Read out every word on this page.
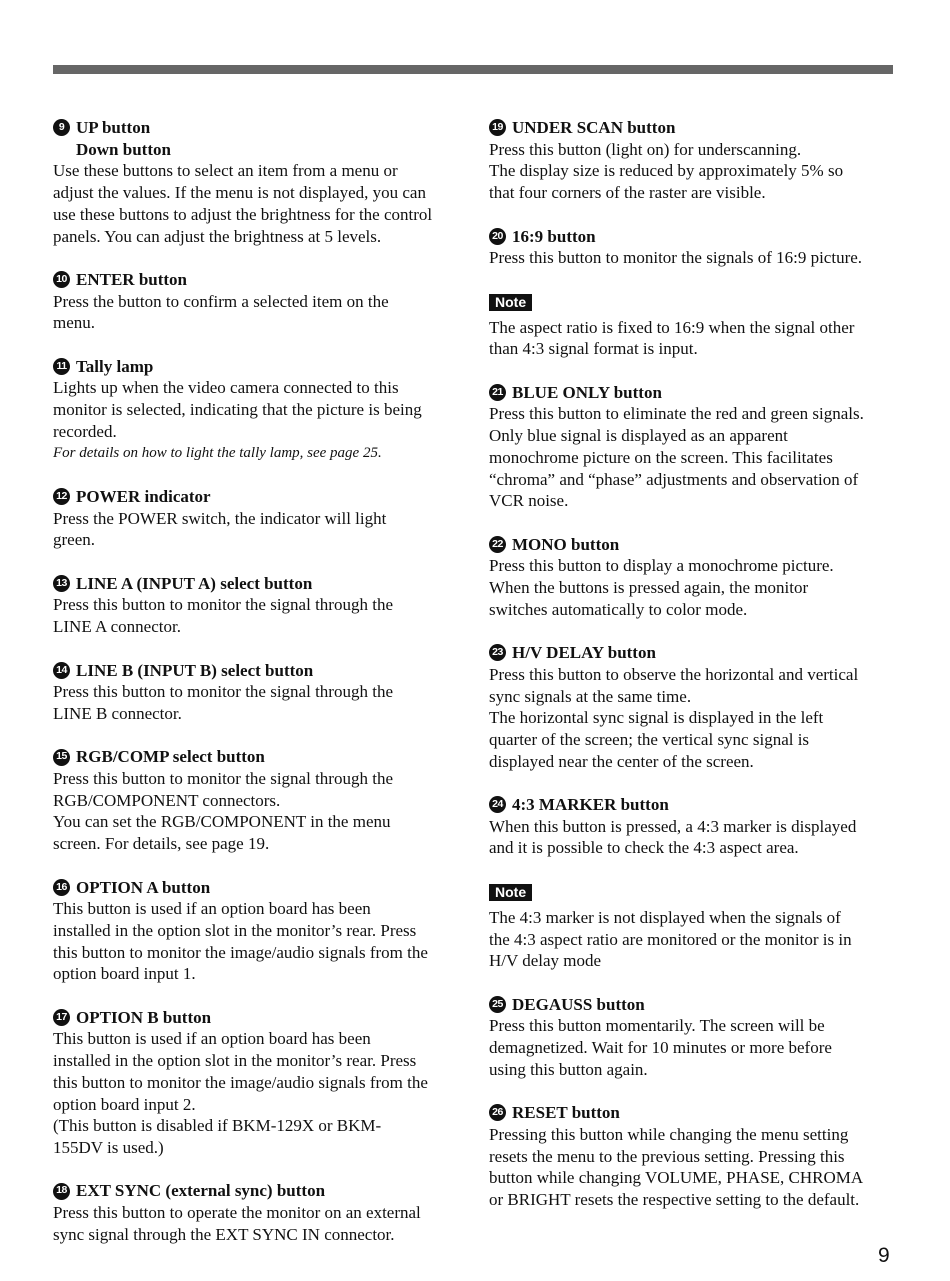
9 UP button
Down button
Use these buttons to select an item from a menu or
adjust the values. If the menu is not displayed, you can
use these buttons to adjust the brightness for the control
panels. You can adjust the brightness at 5 levels.
10 ENTER button
Press the button to confirm a selected item on the
menu.
11 Tally lamp
Lights up when the video camera connected to this
monitor is selected, indicating that the picture is being
recorded.
For details on how to light the tally lamp, see page 25.
12 POWER indicator
Press the POWER switch, the indicator will light
green.
13 LINE A (INPUT A) select button
Press this button to monitor the signal through the
LINE A connector.
14 LINE B (INPUT B) select button
Press this button to monitor the signal through the
LINE B connector.
15 RGB/COMP select button
Press this button to monitor the signal through the
RGB/COMPONENT connectors.
You can set the RGB/COMPONENT in the menu
screen. For details, see page 19.
16 OPTION A button
This button is used if an option board has been
installed in the option slot in the monitor’s rear. Press
this button to monitor the image/audio signals from the
option board input 1.
17 OPTION B button
This button is used if an option board has been
installed in the option slot in the monitor’s rear. Press
this button to monitor the image/audio signals from the
option board input 2.
(This button is disabled if BKM-129X or BKM-
155DV is used.)
18 EXT SYNC (external sync) button
Press this button to operate the monitor on an external
sync signal through the EXT SYNC IN connector.
19 UNDER SCAN button
Press this button (light on) for underscanning.
The display size is reduced by approximately 5% so
that four corners of the raster are visible.
20 16:9 button
Press this button to monitor the signals of 16:9 picture.
Note
The aspect ratio is fixed to 16:9 when the signal other
than 4:3 signal format is input.
21 BLUE ONLY button
Press this button to eliminate the red and green signals.
Only blue signal is displayed as an apparent
monochrome picture on the screen. This facilitates
“chroma” and “phase” adjustments and observation of
VCR noise.
22 MONO button
Press this button to display a monochrome picture.
When the buttons is pressed again, the monitor
switches automatically to color mode.
23 H/V DELAY button
Press this button to observe the horizontal and vertical
sync signals at the same time.
The horizontal sync signal is displayed in the left
quarter of the screen; the vertical sync signal is
displayed near the center of the screen.
24 4:3 MARKER button
When this button is pressed, a 4:3 marker is displayed
and it is possible to check the 4:3 aspect area.
Note
The 4:3 marker is not displayed when the signals of
the 4:3 aspect ratio are monitored or the monitor is in
H/V delay mode
25 DEGAUSS button
Press this button momentarily. The screen will be
demagnetized. Wait for 10 minutes or more before
using this button again.
26 RESET button
Pressing this button while changing the menu setting
resets the menu to the previous setting. Pressing this
button while changing VOLUME, PHASE, CHROMA
or BRIGHT resets the respective setting to the default.
9
